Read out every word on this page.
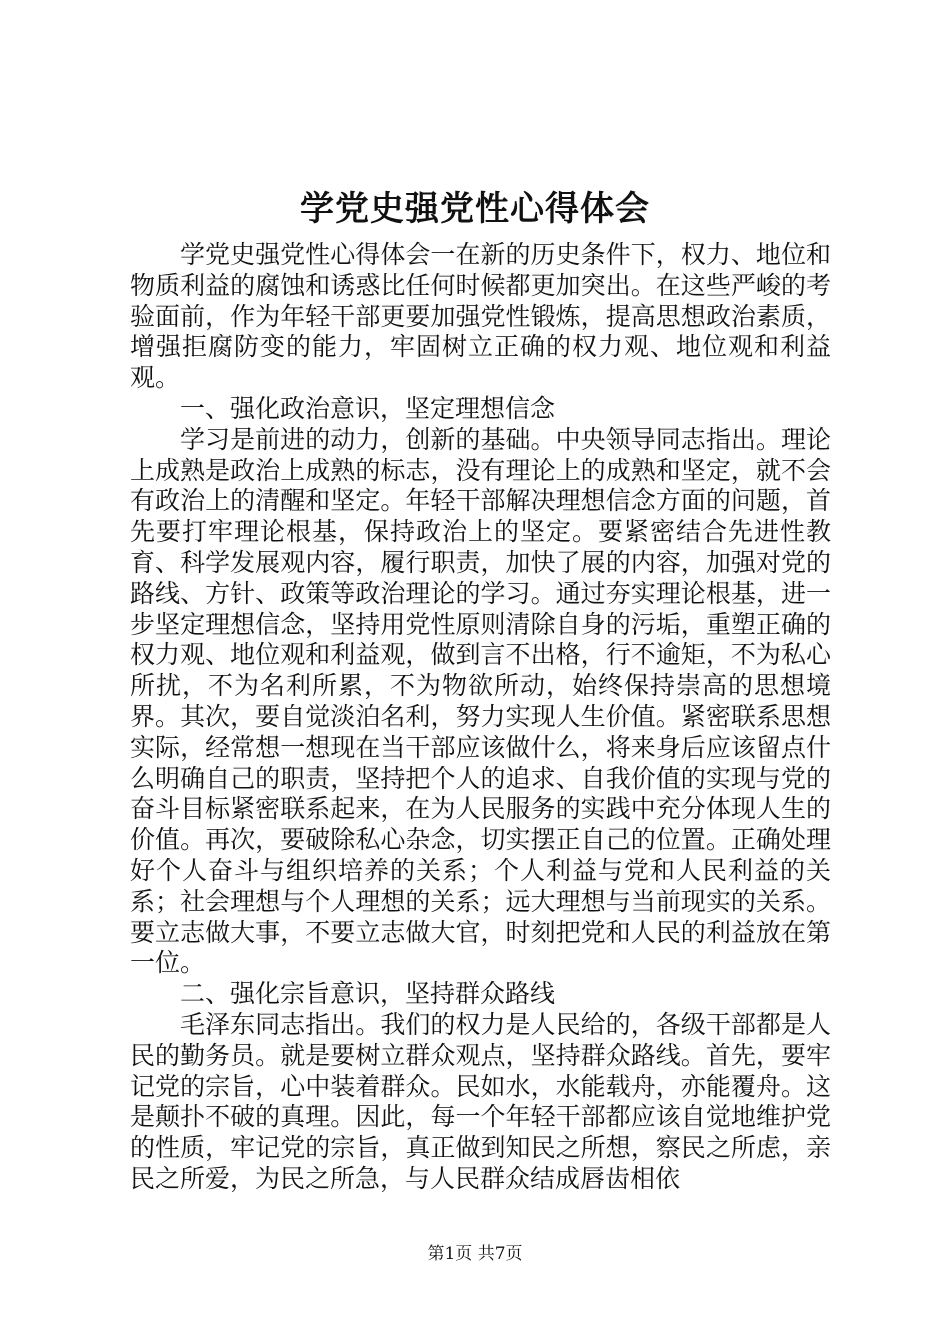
学党史强党性心得体会

学党史强党性心得体会一在新的历史条件下，权力、地位和物质利益的腐蚀和诱惑比任何时候都更加突出。在这些严峻的考验面前，作为年轻干部更要加强党性锻炼，提高思想政治素质，增强拒腐防变的能力，牢固树立正确的权力观、地位观和利益观。

一、强化政治意识，坚定理想信念

学习是前进的动力，创新的基础。中央领导同志指出。理论上成熟是政治上成熟的标志，没有理论上的成熟和坚定，就不会有政治上的清醒和坚定。年轻干部解决理想信念方面的问题，首先要打牢理论根基，保持政治上的坚定。要紧密结合先进性教育、科学发展观内容，履行职责，加快了展的内容，加强对党的路线、方针、政策等政治理论的学习。通过夯实理论根基，进一步坚定理想信念，坚持用党性原则清除自身的污垢，重塑正确的权力观、地位观和利益观，做到言不出格，行不逾矩，不为私心所扰，不为名利所累，不为物欲所动，始终保持崇高的思想境界。其次，要自觉淡泊名利，努力实现人生价值。紧密联系思想实际，经常想一想现在当干部应该做什么，将来身后应该留点什么明确自己的职责，坚持把个人的追求、自我价值的实现与党的奋斗目标紧密联系起来，在为人民服务的实践中充分体现人生的价值。再次，要破除私心杂念，切实摆正自己的位置。正确处理好个人奋斗与组织培养的关系；个人利益与党和人民利益的关系；社会理想与个人理想的关系；远大理想与当前现实的关系。要立志做大事，不要立志做大官，时刻把党和人民的利益放在第一位。

二、强化宗旨意识，坚持群众路线

毛泽东同志指出。我们的权力是人民给的，各级干部都是人民的勤务员。就是要树立群众观点，坚持群众路线。首先，要牢记党的宗旨，心中装着群众。民如水，水能载舟，亦能覆舟。这是颠扑不破的真理。因此，每一个年轻干部都应该自觉地维护党的性质，牢记党的宗旨，真正做到知民之所想，察民之所虑，亲民之所爱，为民之所急，与人民群众结成唇齿相依

第1页 共7页
